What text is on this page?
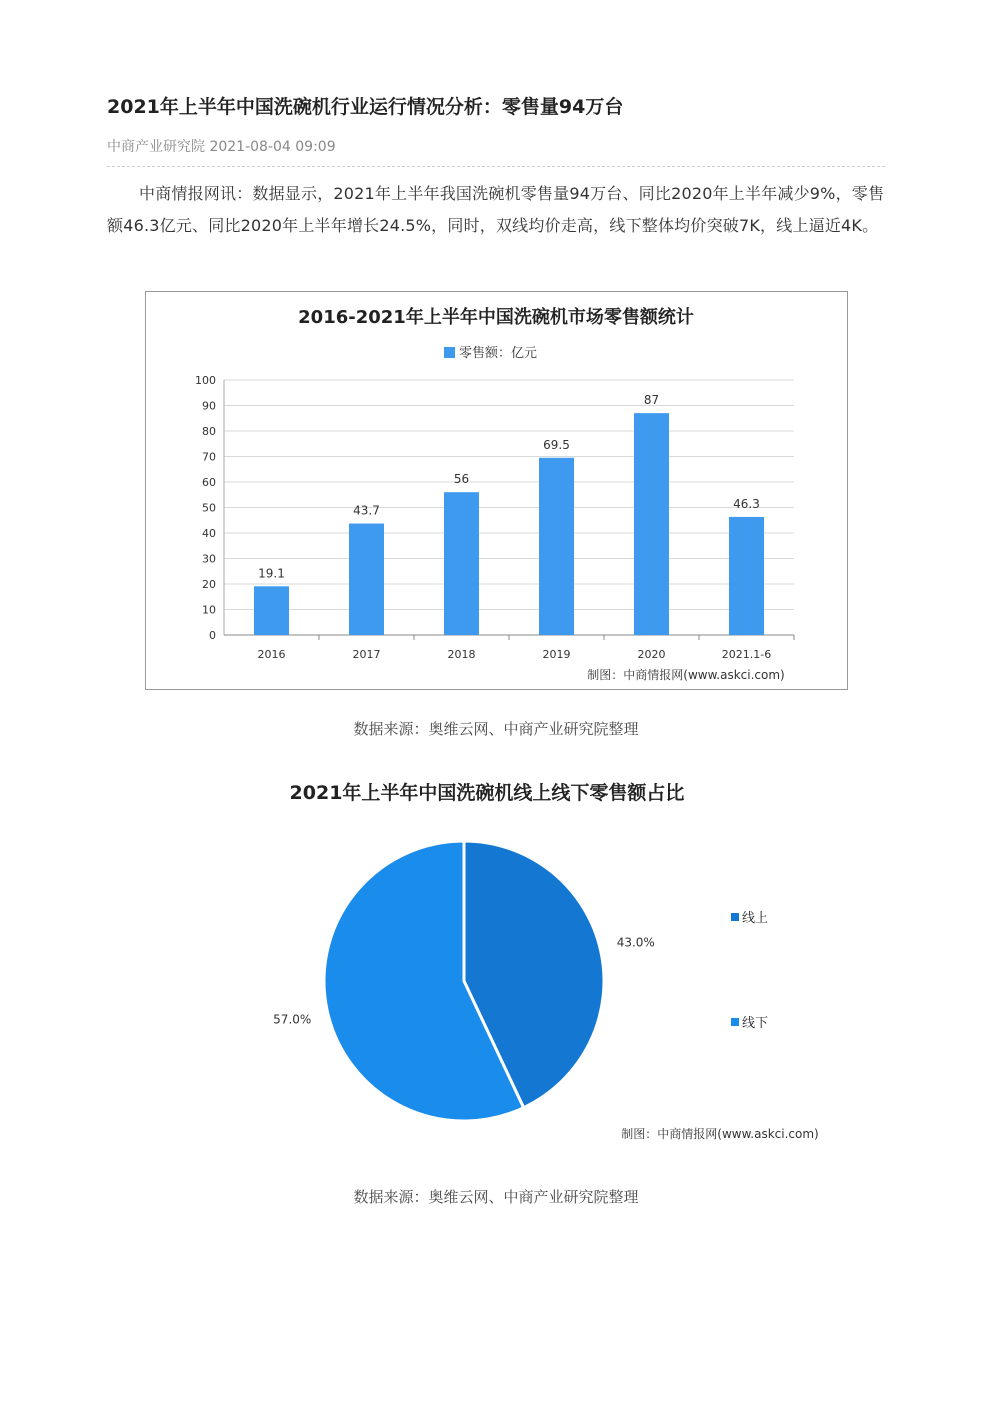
2021年上半年中国洗碗机行业运行情况分析：零售量94万台
中商产业研究院 2021-08-04 09:09

中商情报网讯：数据显示，2021年上半年我国洗碗机零售量94万台、同比2020年上半年减少9%，零售额46.3亿元、同比2020年上半年增长24.5%，同时，双线均价走高，线下整体均价突破7K，线上逼近4K。

2016-2021年上半年中国洗碗机市场零售额统计
零售额：亿元
19.1
43.7
56
69.5
87
46.3
2016	2017	2018	2019	2020	2021.1-6
0
10
20
30
40
50
60
70
80
90
100
制图：中商情报网(www.askci.com)
数据来源：奥维云网、中商产业研究院整理
2021年上半年中国洗碗机线上线下零售额占比
43.0%
57.0%
线上
线下
制图：中商情报网(www.askci.com)
数据来源：奥维云网、中商产业研究院整理
